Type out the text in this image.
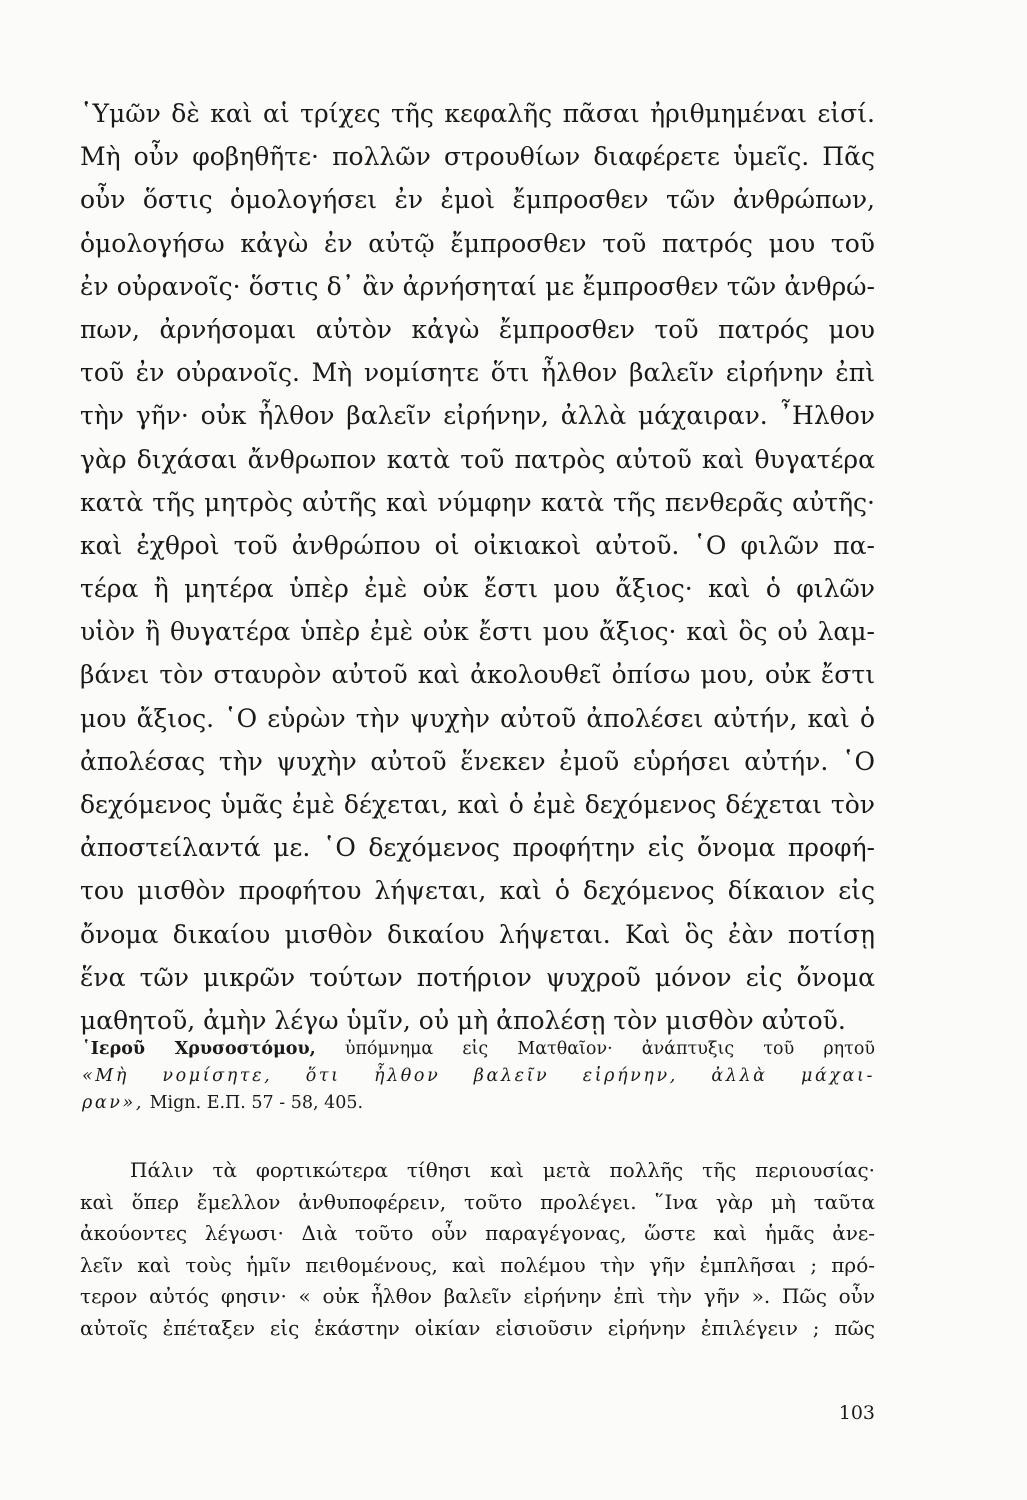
῾Υμῶν δὲ καὶ αἱ τρίχες τῆς κεφαλῆς πᾶσαι ἠριθμημέναι εἰσί.
Μὴ οὖν φοβηθῆτε· πολλῶν στρουθίων διαφέρετε ὑμεῖς. Πᾶς
οὖν ὅστις ὁμολογήσει ἐν ἐμοὶ ἔμπροσθεν τῶν ἀνθρώπων,
ὁμολογήσω κἀγὼ ἐν αὐτῷ ἔμπροσθεν τοῦ πατρός μου τοῦ
ἐν οὐρανοῖς· ὅστις δ᾿ ἂν ἀρνήσηταί με ἔμπροσθεν τῶν ἀνθρώ-
πων, ἀρνήσομαι αὐτὸν κἀγὼ ἔμπροσθεν τοῦ πατρός μου
τοῦ ἐν οὐρανοῖς. Μὴ νομίσητε ὅτι ἦλθον βαλεῖν εἰρήνην ἐπὶ
τὴν γῆν· οὐκ ἦλθον βαλεῖν εἰρήνην, ἀλλὰ μάχαιραν. ῏Ηλθον
γὰρ διχάσαι ἄνθρωπον κατὰ τοῦ πατρὸς αὐτοῦ καὶ θυγατέρα
κατὰ τῆς μητρὸς αὐτῆς καὶ νύμφην κατὰ τῆς πενθερᾶς αὐτῆς·
καὶ ἐχθροὶ τοῦ ἀνθρώπου οἱ οἰκιακοὶ αὐτοῦ. ῾Ο φιλῶν πα-
τέρα ἢ μητέρα ὑπὲρ ἐμὲ οὐκ ἔστι μου ἄξιος· καὶ ὁ φιλῶν
υἱὸν ἢ θυγατέρα ὑπὲρ ἐμὲ οὐκ ἔστι μου ἄξιος· καὶ ὃς οὐ λαμ-
βάνει τὸν σταυρὸν αὐτοῦ καὶ ἀκολουθεῖ ὀπίσω μου, οὐκ ἔστι
μου ἄξιος. ῾Ο εὑρὼν τὴν ψυχὴν αὐτοῦ ἀπολέσει αὐτήν, καὶ ὁ
ἀπολέσας τὴν ψυχὴν αὐτοῦ ἕνεκεν ἐμοῦ εὑρήσει αὐτήν. ῾Ο
δεχόμενος ὑμᾶς ἐμὲ δέχεται, καὶ ὁ ἐμὲ δεχόμενος δέχεται τὸν
ἀποστείλαντά με. ῾Ο δεχόμενος προφήτην εἰς ὄνομα προφή-
του μισθὸν προφήτου λήψεται, καὶ ὁ δεχόμενος δίκαιον εἰς
ὄνομα δικαίου μισθὸν δικαίου λήψεται. Καὶ ὃς ἐὰν ποτίσῃ
ἕνα τῶν μικρῶν τούτων ποτήριον ψυχροῦ μόνον εἰς ὄνομα
μαθητοῦ, ἀμὴν λέγω ὑμῖν, οὐ μὴ ἀπολέσῃ τὸν μισθὸν αὐτοῦ.
῾Ιεροῦ Χρυσοστόμου, ὑπόμνημα εἰς Ματθαῖον· ἀνάπτυξις τοῦ ρητοῦ
«Μὴ νομίσητε, ὅτι ἦλθον βαλεῖν εἰρήνην, ἀλλὰ μάχαι-
ραν», Mign. Ε.Π. 57 - 58, 405.
Πάλιν τὰ φορτικώτερα τίθησι καὶ μετὰ πολλῆς τῆς περιουσίας·
καὶ ὅπερ ἔμελλον ἀνθυποφέρειν, τοῦτο προλέγει. ῞Ινα γὰρ μὴ ταῦτα
ἀκούοντες λέγωσι· Διὰ τοῦτο οὖν παραγέγονας, ὥστε καὶ ἡμᾶς ἀνε-
λεῖν καὶ τοὺς ἡμῖν πειθομένους, καὶ πολέμου τὴν γῆν ἐμπλῆσαι ; πρό-
τερον αὐτός φησιν· « οὐκ ἦλθον βαλεῖν εἰρήνην ἐπὶ τὴν γῆν ». Πῶς οὖν
αὐτοῖς ἐπέταξεν εἰς ἑκάστην οἰκίαν εἰσιοῦσιν εἰρήνην ἐπιλέγειν ; πῶς
103
